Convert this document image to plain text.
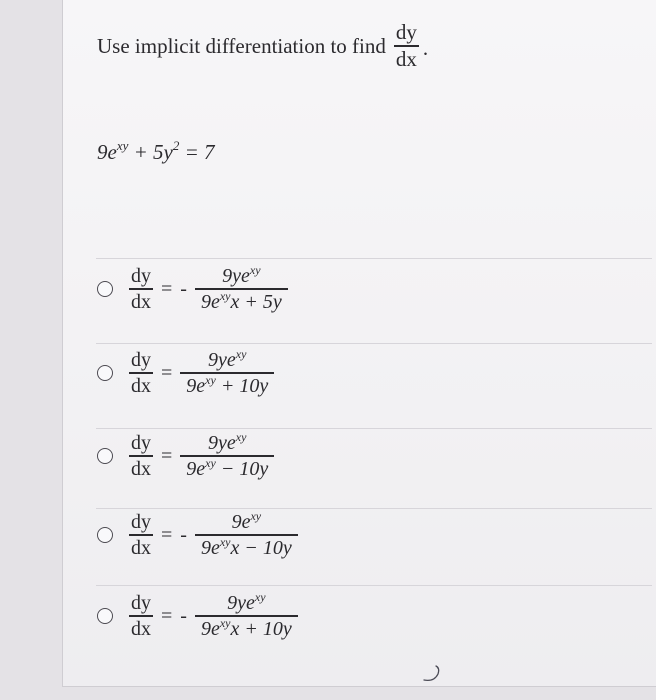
Use implicit differentiation to find $\frac{dy}{dx}$ .
$9e^{xy} + 5y^2 = 7$
$\frac{dy}{dx}$ = - $\frac{9ye^{xy}}{9e^{xy}x + 5y}$
$\frac{dy}{dx} = \frac{9ye^{xy}}{9e^{xy} + 10y}$
$\frac{dy}{dx} = \frac{9ye^{xy}}{9e^{xy} - 10y}$
$\frac{dy}{dx}$ = - $\frac{9e^{xy}}{9e^{xy}x - 10y}$
$\frac{dy}{dx}$ = - $\frac{9ye^{xy}}{9e^{xy}x + 10y}$
